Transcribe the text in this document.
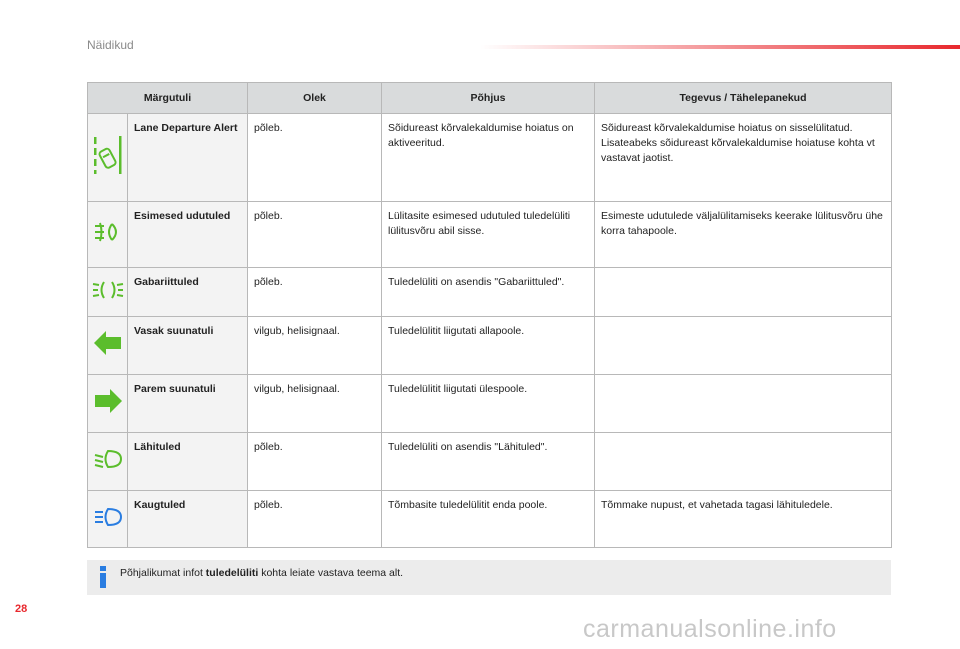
Näidikud
Märgutuli		Olek	Põhjus	Tegevus / Tähelepanekud
	Lane Departure Alert	põleb.	Sõidureast kõrvalekaldumise hoiatus on aktiveeritud.	Sõidureast kõrvalekaldumise hoiatus on sisselülitatud. Lisateabeks sõidureast kõrvalekaldumise hoiatuse kohta vt vastavat jaotist.
	Esimesed udutuled	põleb.	Lülitasite esimesed udutuled tuledelüliti lülitusvõru abil sisse.	Esimeste udutulede väljalülitamiseks keerake lülitusvõru ühe korra tahapoole.
	Gabariittuled	põleb.	Tuledelüliti on asendis "Gabariittuled".	
	Vasak suunatuli	vilgub, helisignaal.	Tuledelülitit liigutati allapoole.	
	Parem suunatuli	vilgub, helisignaal.	Tuledelülitit liigutati ülespoole.	
	Lähituled	põleb.	Tuledelüliti on asendis "Lähituled".	
	Kaugtuled	põleb.	Tõmbasite tuledelülitit enda poole.	Tõmmake nupust, et vahetada tagasi lähituledele.
Põhjalikumat infot tuledelüliti kohta leiate vastava teema alt.
28
carmanualsonline.info
